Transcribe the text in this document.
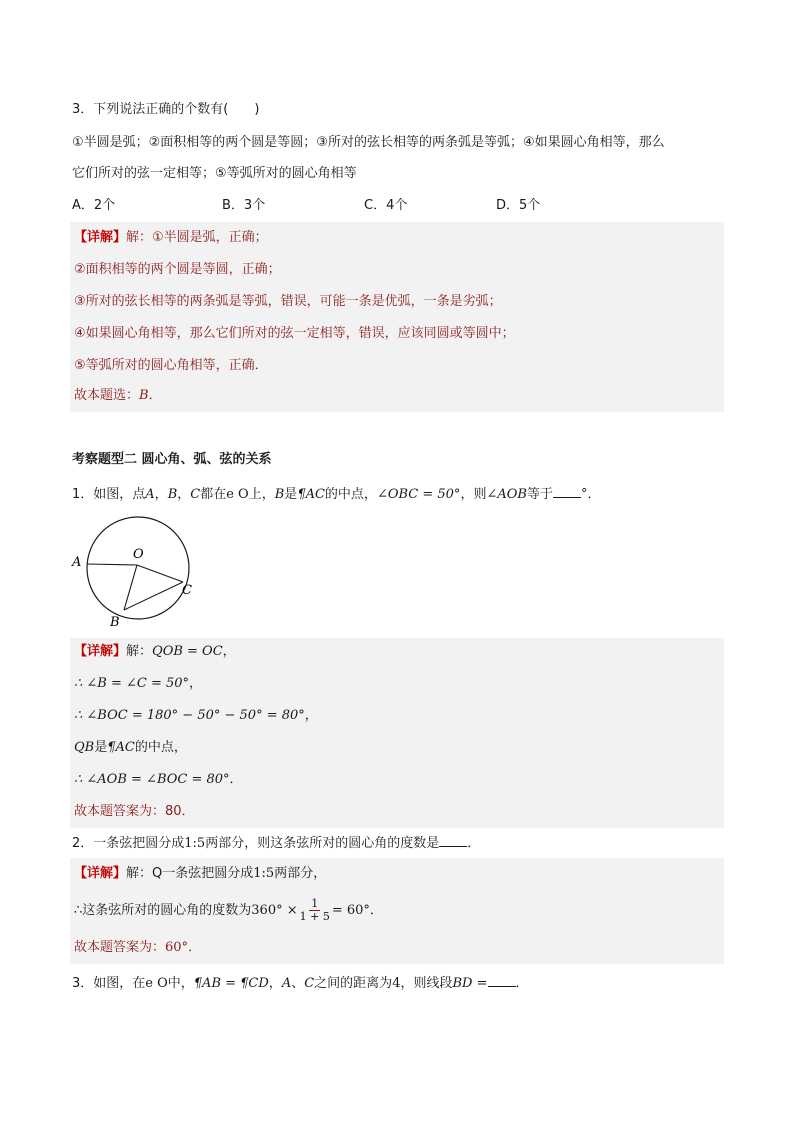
3．下列说法正确的个数有(　　)
①半圆是弧；②面积相等的两个圆是等圆；③所对的弦长相等的两条弧是等弧；④如果圆心角相等，那么
它们所对的弦一定相等；⑤等弧所对的圆心角相等
A．2个	B．3个	C．4个	D．5个
【详解】解：①半圆是弧，正确；
②面积相等的两个圆是等圆，正确；
③所对的弦长相等的两条弧是等弧，错误，可能一条是优弧，一条是劣弧；
④如果圆心角相等，那么它们所对的弦一定相等，错误，应该同圆或等圆中；
⑤等弧所对的圆心角相等，正确．
故本题选：B．
考察题型二 圆心角、弧、弦的关系
1．如图，点A，B，C都在e O上，B是¶AC的中点，∠OBC = 50°，则∠AOB等于 °．
A
O
C
B
【详解】解：QOB = OC，
∴ ∠B = ∠C = 50°，
∴ ∠BOC = 180° − 50° − 50° = 80°，
QB是¶AC的中点，
∴ ∠AOB = ∠BOC = 80°．
故本题答案为：80．
2．一条弦把圆分成1:5两部分，则这条弦所对的圆心角的度数是 ．
【详解】解：Q一条弦把圆分成1:5两部分，
∴这条弦所对的圆心角的度数为$360^\circ \times \frac{1}{1 + 5} = 60^\circ$．
故本题答案为：60°．
3．如图，在e O中，¶AB = ¶CD，A、C之间的距离为4，则线段BD = ．
